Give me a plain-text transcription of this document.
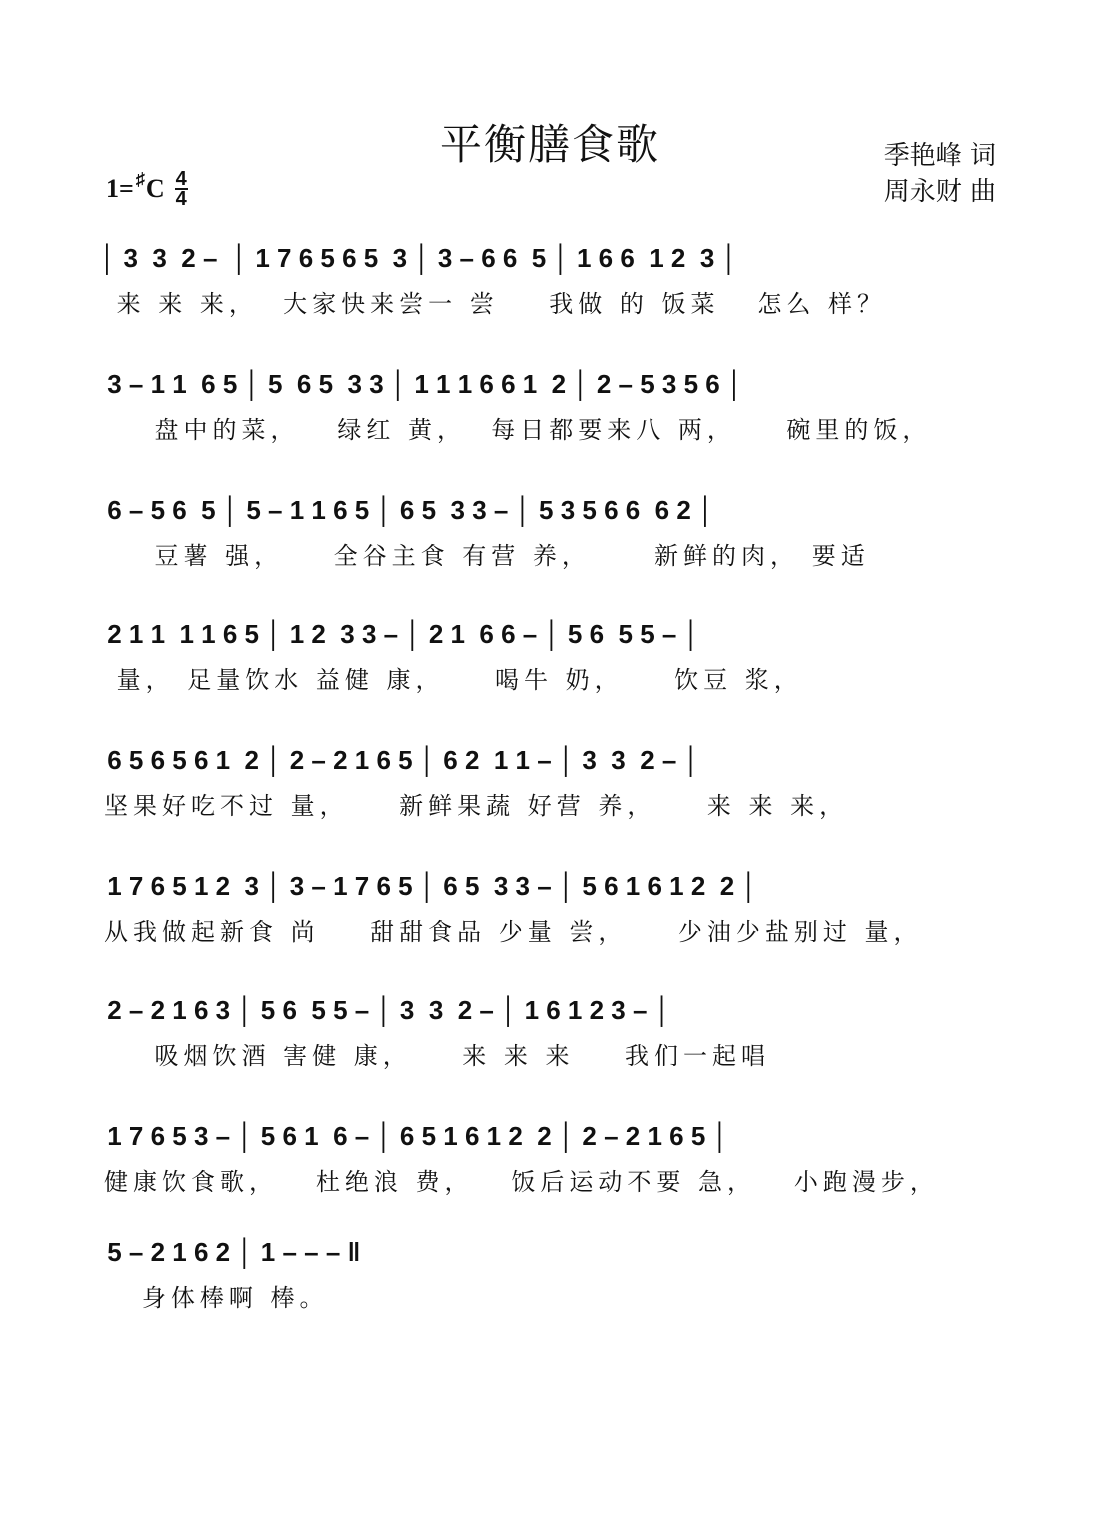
平衡膳食歌	季艳峰 词
周永财 曲
1= ♯ C $\frac{4}{4}$
│ 3  3  2 –  │ 1 7 6 5 6 5  3 │ 3 – 6 6  5 │ 1 6 6  1 2  3 │
来 来 来，  大家快来尝一 尝    我做 的 饭菜   怎么 样？
3 – 1 1  6 5 │ 5  6 5  3 3 │ 1 1 1 6 6 1  2 │ 2 – 5 3 5 6 │
盘中的菜，   绿红 黄，  每日都要来八 两，    碗里的饭，
6 – 5 6  5 │ 5 – 1 1 6 5 │ 6 5  3 3 – │ 5 3 5 6 6  6 2 │
豆薯 强，    全谷主食 有营 养，     新鲜的肉， 要适
2 1 1  1 1 6 5 │ 1 2  3 3 – │ 2 1  6 6 – │ 5 6  5 5 – │
量， 足量饮水 益健 康，    喝牛 奶，    饮豆 浆，
6 5 6 5 6 1  2 │ 2 – 2 1 6 5 │ 6 2  1 1 – │ 3  3  2 – │
坚果好吃不过 量，    新鲜果蔬 好营 养，    来 来 来，
1 7 6 5 1 2  3 │ 3 – 1 7 6 5 │ 6 5  3 3 – │ 5 6 1 6 1 2  2 │
从我做起新食 尚    甜甜食品 少量 尝，    少油少盐别过 量，
2 – 2 1 6 3 │ 5 6  5 5 – │ 3  3  2 – │ 1 6 1 2 3 – │
吸烟饮酒 害健 康，    来 来 来    我们一起唱
1 7 6 5 3 – │ 5 6 1  6 – │ 6 5 1 6 1 2  2 │ 2 – 2 1 6 5 │
健康饮食歌，   杜绝浪 费，   饭后运动不要 急，   小跑漫步，
5 – 2 1 6 2 │ 1 – – – ‖
身体棒啊 棒。
